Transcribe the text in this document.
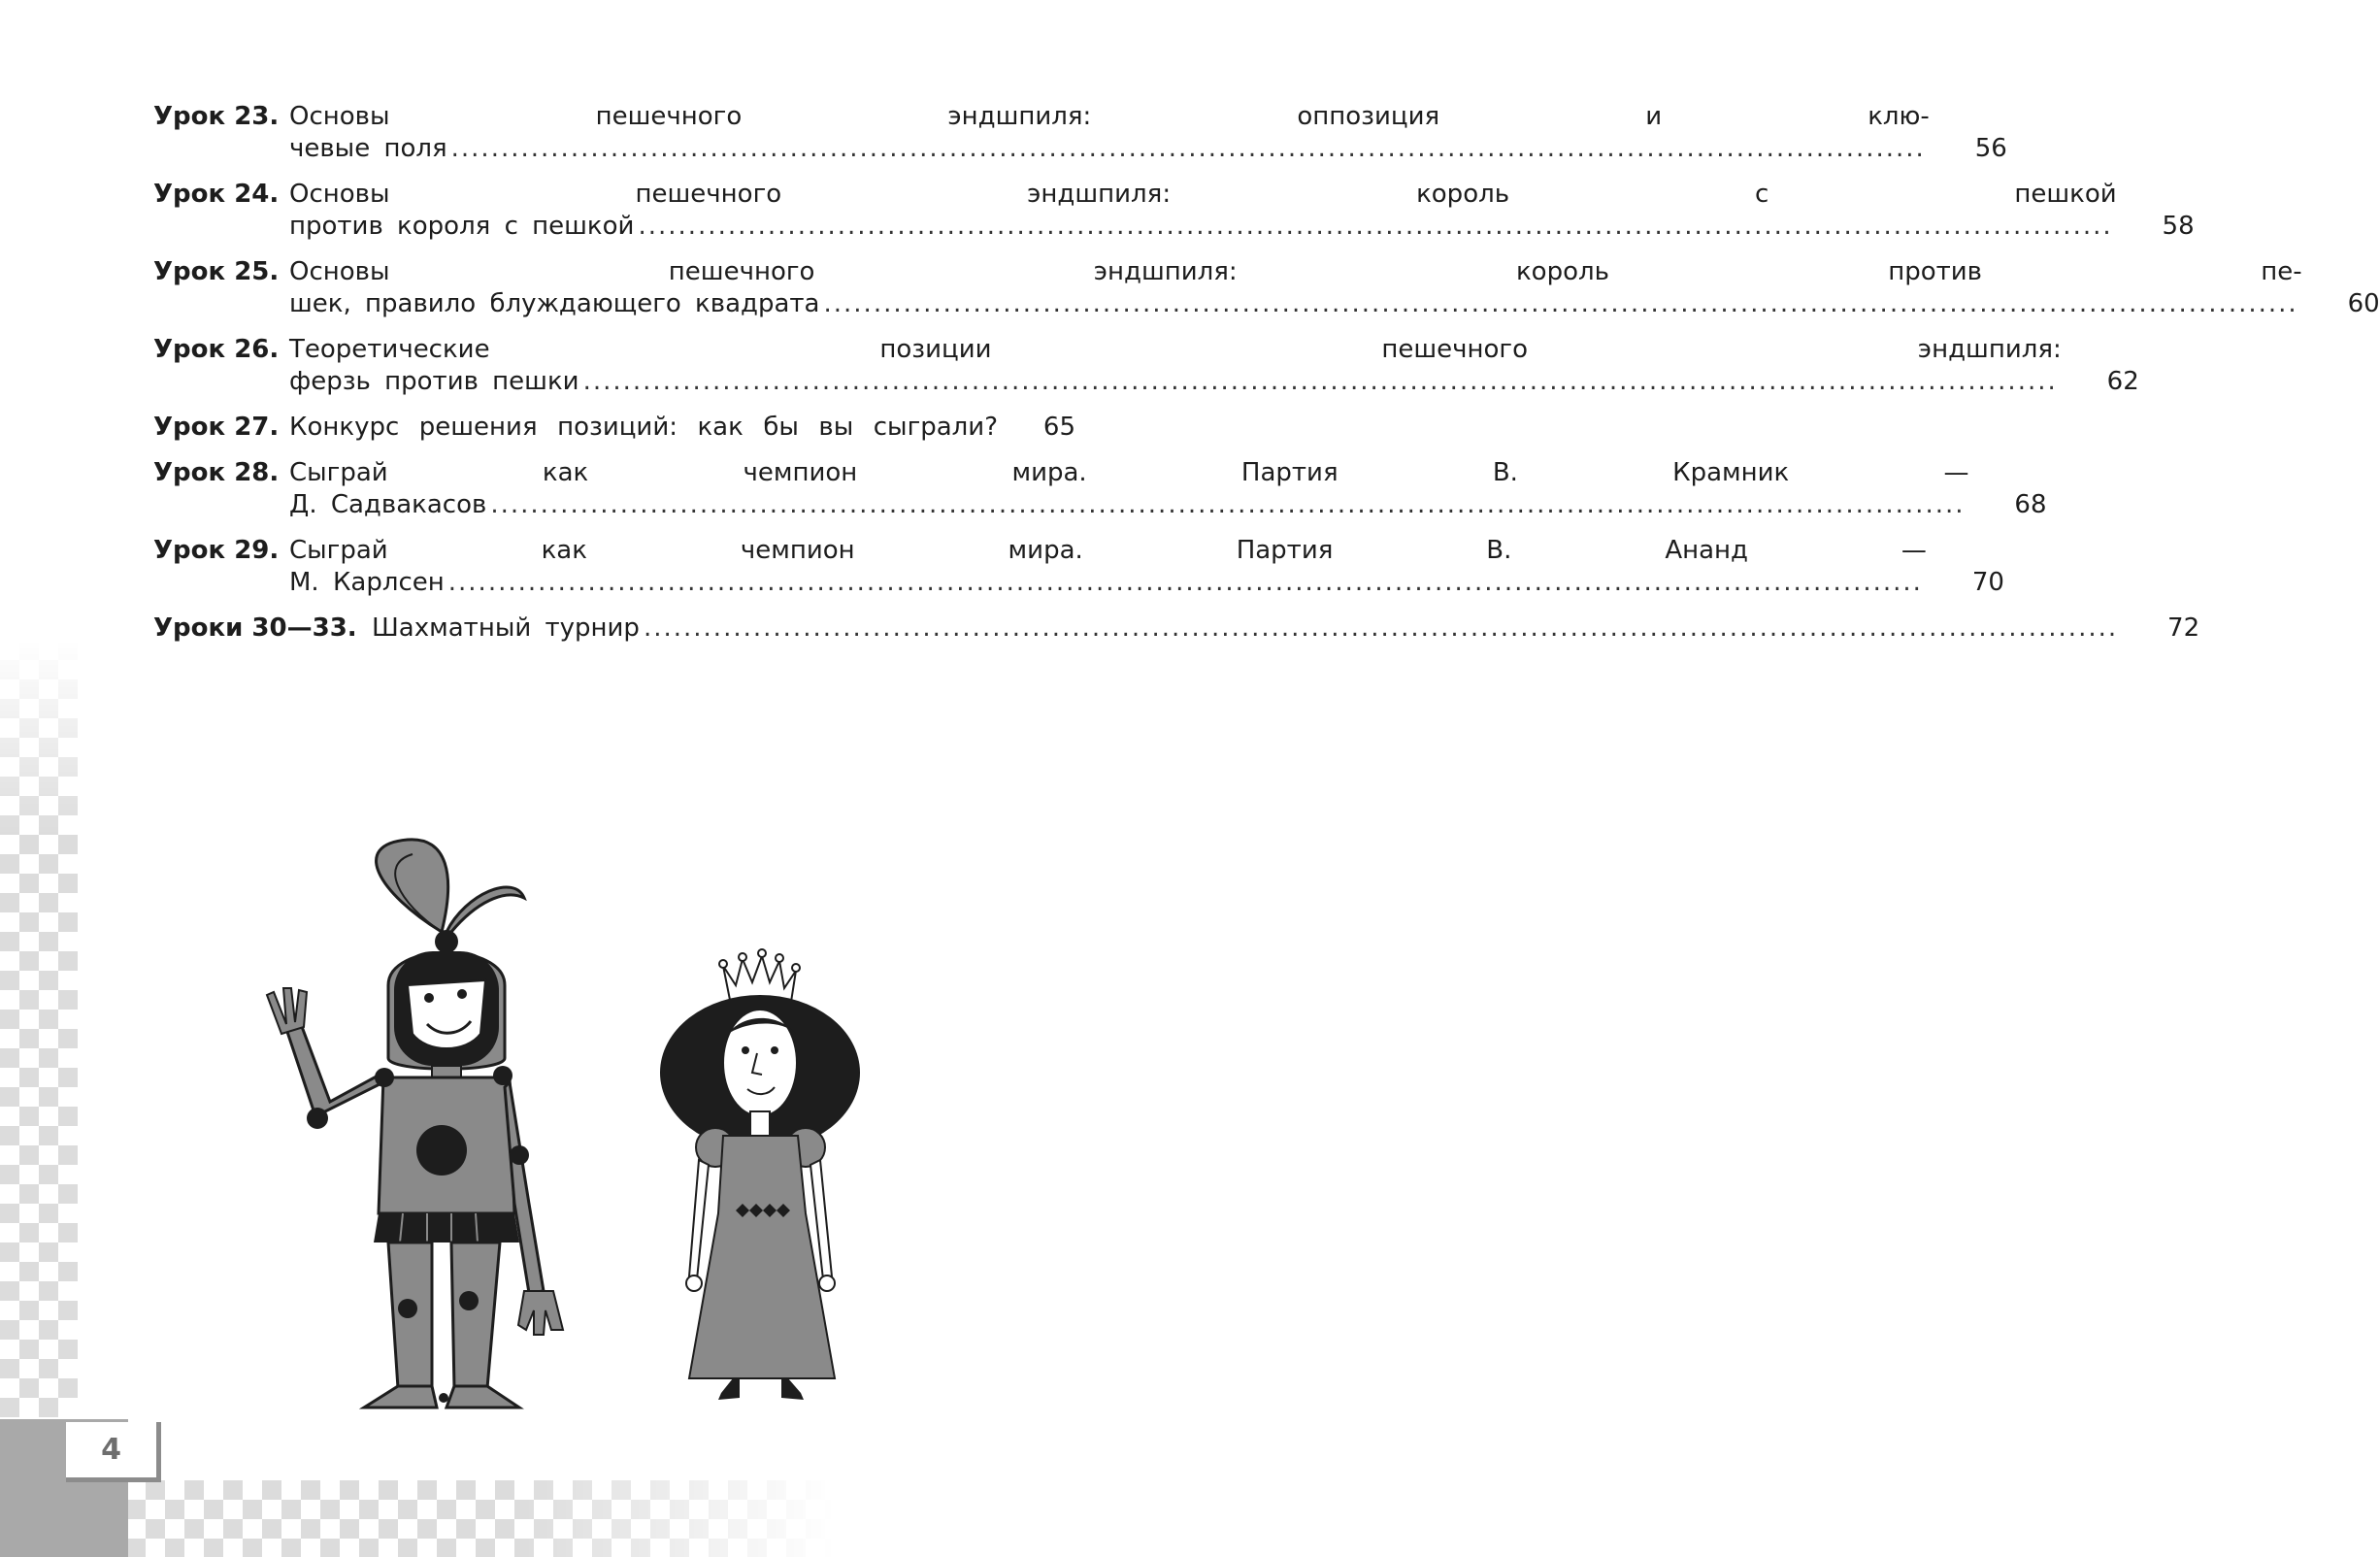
4
Урок 23. Основы пешечного эндшпиля: оппозиция и клю-
чевые поля .....	56
Урок 24. Основы пешечного эндшпиля: король с пешкой
против короля с пешкой .....	58
Урок 25. Основы пешечного эндшпиля: король против пе-
шек, правило блуждающего квадрата .....	60
Урок 26. Теоретические позиции пешечного эндшпиля:
ферзь против пешки .....	62
Урок 27. Конкурс решения позиций: как бы вы сыграли?	65
Урок 28. Сыграй как чемпион мира. Партия В. Крамник —
Д. Садвакасов .....	68
Урок 29. Сыграй как чемпион мира. Партия В. Ананд —
М. Карлсен .....	70
Уроки 30—33. Шахматный турнир .....	72
